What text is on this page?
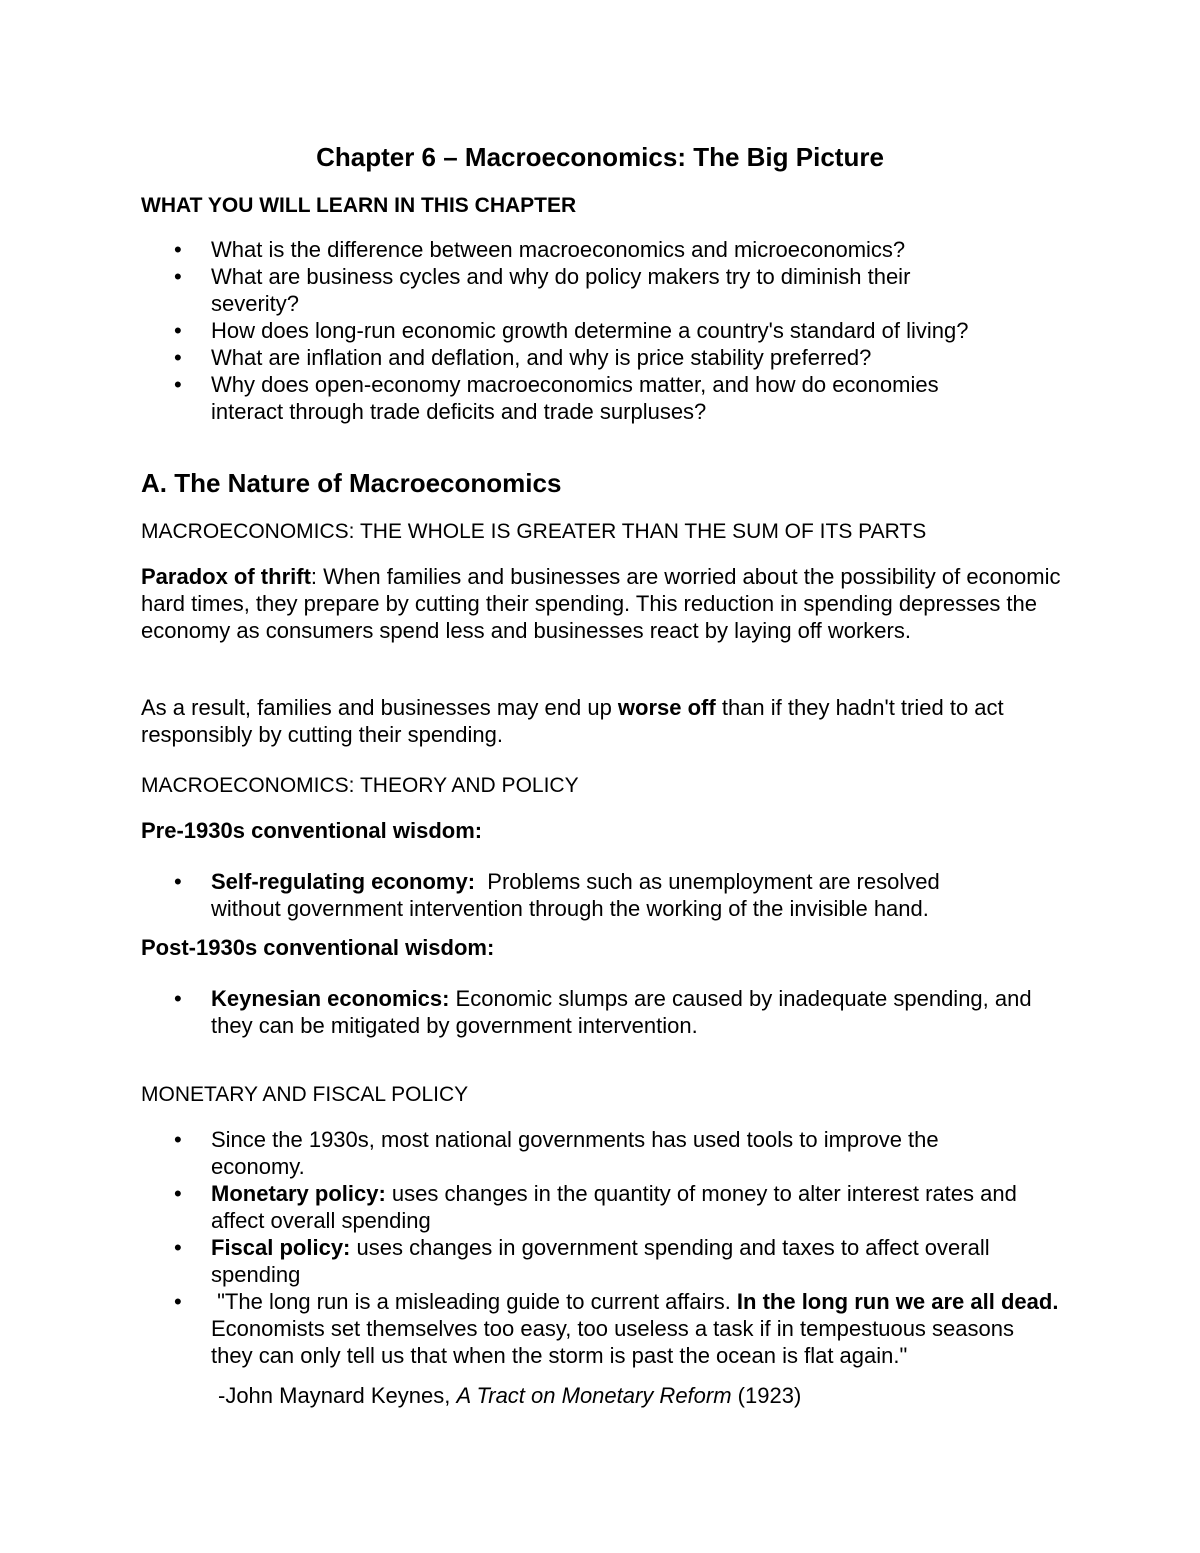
Chapter 6 – Macroeconomics: The Big Picture
WHAT YOU WILL LEARN IN THIS CHAPTER
• What is the difference between macroeconomics and microeconomics?

• What are business cycles and why do policy makers try to diminish their severity?

• How does long-run economic growth determine a country's standard of living?

• What are inflation and deflation, and why is price stability preferred?

• Why does open-economy macroeconomics matter, and how do economies interact through trade deficits and trade surpluses?

A. The Nature of Macroeconomics
MACROECONOMICS: THE WHOLE IS GREATER THAN THE SUM OF ITS PARTS

Paradox of thrift: When families and businesses are worried about the possibility of economic hard times, they prepare by cutting their spending. This reduction in spending depresses the economy as consumers spend less and businesses react by laying off workers.

As a result, families and businesses may end up worse off than if they hadn't tried to act responsibly by cutting their spending.

MACROECONOMICS: THEORY AND POLICY
Pre-1930s conventional wisdom:
• Self-regulating economy:  Problems such as unemployment are resolved without government intervention through the working of the invisible hand.

Post-1930s conventional wisdom:
• Keynesian economics: Economic slumps are caused by inadequate spending, and they can be mitigated by government intervention.

MONETARY AND FISCAL POLICY
• Since the 1930s, most national governments has used tools to improve the economy.

• Monetary policy: uses changes in the quantity of money to alter interest rates and affect overall spending

• Fiscal policy: uses changes in government spending and taxes to affect overall spending

• "The long run is a misleading guide to current affairs. In the long run we are all dead. Economists set themselves too easy, too useless a task if in tempestuous seasons they can only tell us that when the storm is past the ocean is flat again."

-John Maynard Keynes, A Tract on Monetary Reform (1923)
